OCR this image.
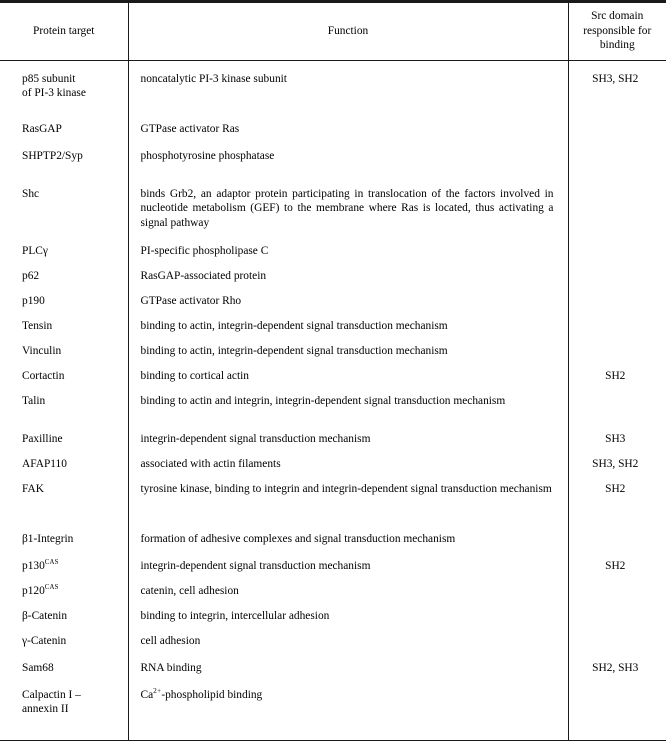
Protein target	Function	Src domain
responsible for
binding

p85 subunit
of PI-3 kinase	noncatalytic PI-3 kinase subunit	SH3, SH2

RasGAP	GTPase activator Ras	

SHPTP2/Syp	phosphotyrosine phosphatase	

Shc	binds Grb2, an adaptor protein participating in translocation of the factors involved in nucleotide metabolism (GEF) to the membrane where Ras is located, thus activating a signal pathway	

PLCγ	PI-specific phospholipase C	

p62	RasGAP-associated protein	

p190	GTPase activator Rho	

Tensin	binding to actin, integrin-dependent signal transduction mechanism	

Vinculin	binding to actin, integrin-dependent signal transduction mechanism	

Cortactin	binding to cortical actin	SH2

Talin	binding to actin and integrin, integrin-dependent signal transduction mechanism	

Paxilline	integrin-dependent signal transduction mechanism	SH3

AFAP110	associated with actin filaments	SH3, SH2

FAK	tyrosine kinase, binding to integrin and integrin-dependent signal transduction mechanism	SH2

β1-Integrin	formation of adhesive complexes and signal transduction mechanism	

$p130^{CAS}$	integrin-dependent signal transduction mechanism	SH2

$p120^{CAS}$	catenin, cell adhesion	

β-Catenin	binding to integrin, intercellular adhesion	

γ-Catenin	cell adhesion	

Sam68	RNA binding	SH2, SH3

Calpactin I –
annexin II	$Ca^{2+}$-phospholipid binding	
